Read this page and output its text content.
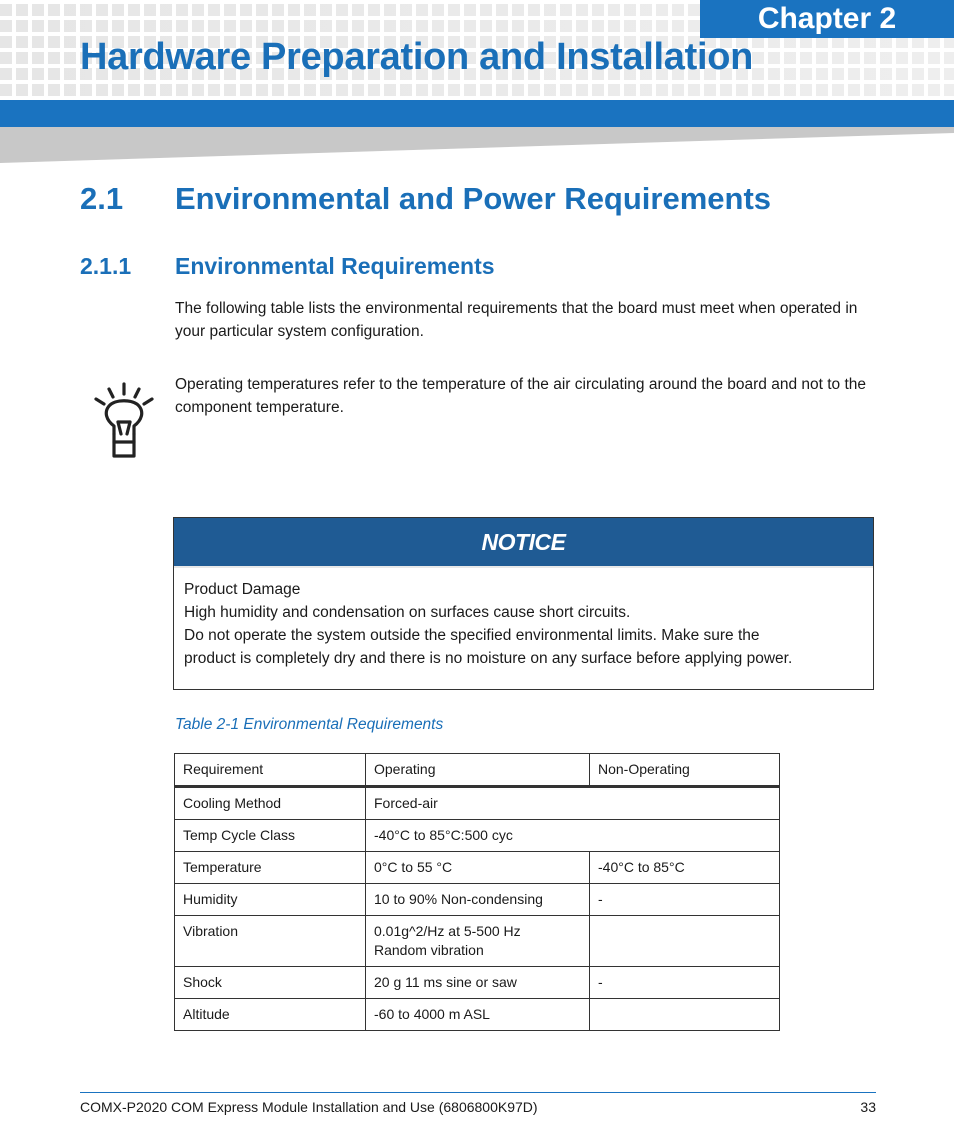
Chapter 2
Hardware Preparation and Installation
2.1 Environmental and Power Requirements
2.1.1 Environmental Requirements
The following table lists the environmental requirements that the board must meet when operated in your particular system configuration.
Operating temperatures refer to the temperature of the air circulating around the board and not to the component temperature.
NOTICE
Product Damage
High humidity and condensation on surfaces cause short circuits.
Do not operate the system outside the specified environmental limits. Make sure the
product is completely dry and there is no moisture on any surface before applying power.
Table 2-1 Environmental Requirements
Requirement	Operating	Non-Operating
Cooling Method	Forced-air	
Temp Cycle Class	-40°C to 85°C:500 cyc	
Temperature	0°C to 55 °C	-40°C to 85°C
Humidity	10 to 90% Non-condensing	-
Vibration	0.01g^2/Hz at 5-500 Hz
Random vibration	

Shock	20 g 11 ms sine or saw	-
Altitude	-60 to 4000 m ASL	
COMX-P2020 COM Express Module Installation and Use (6806800K97D)	33
